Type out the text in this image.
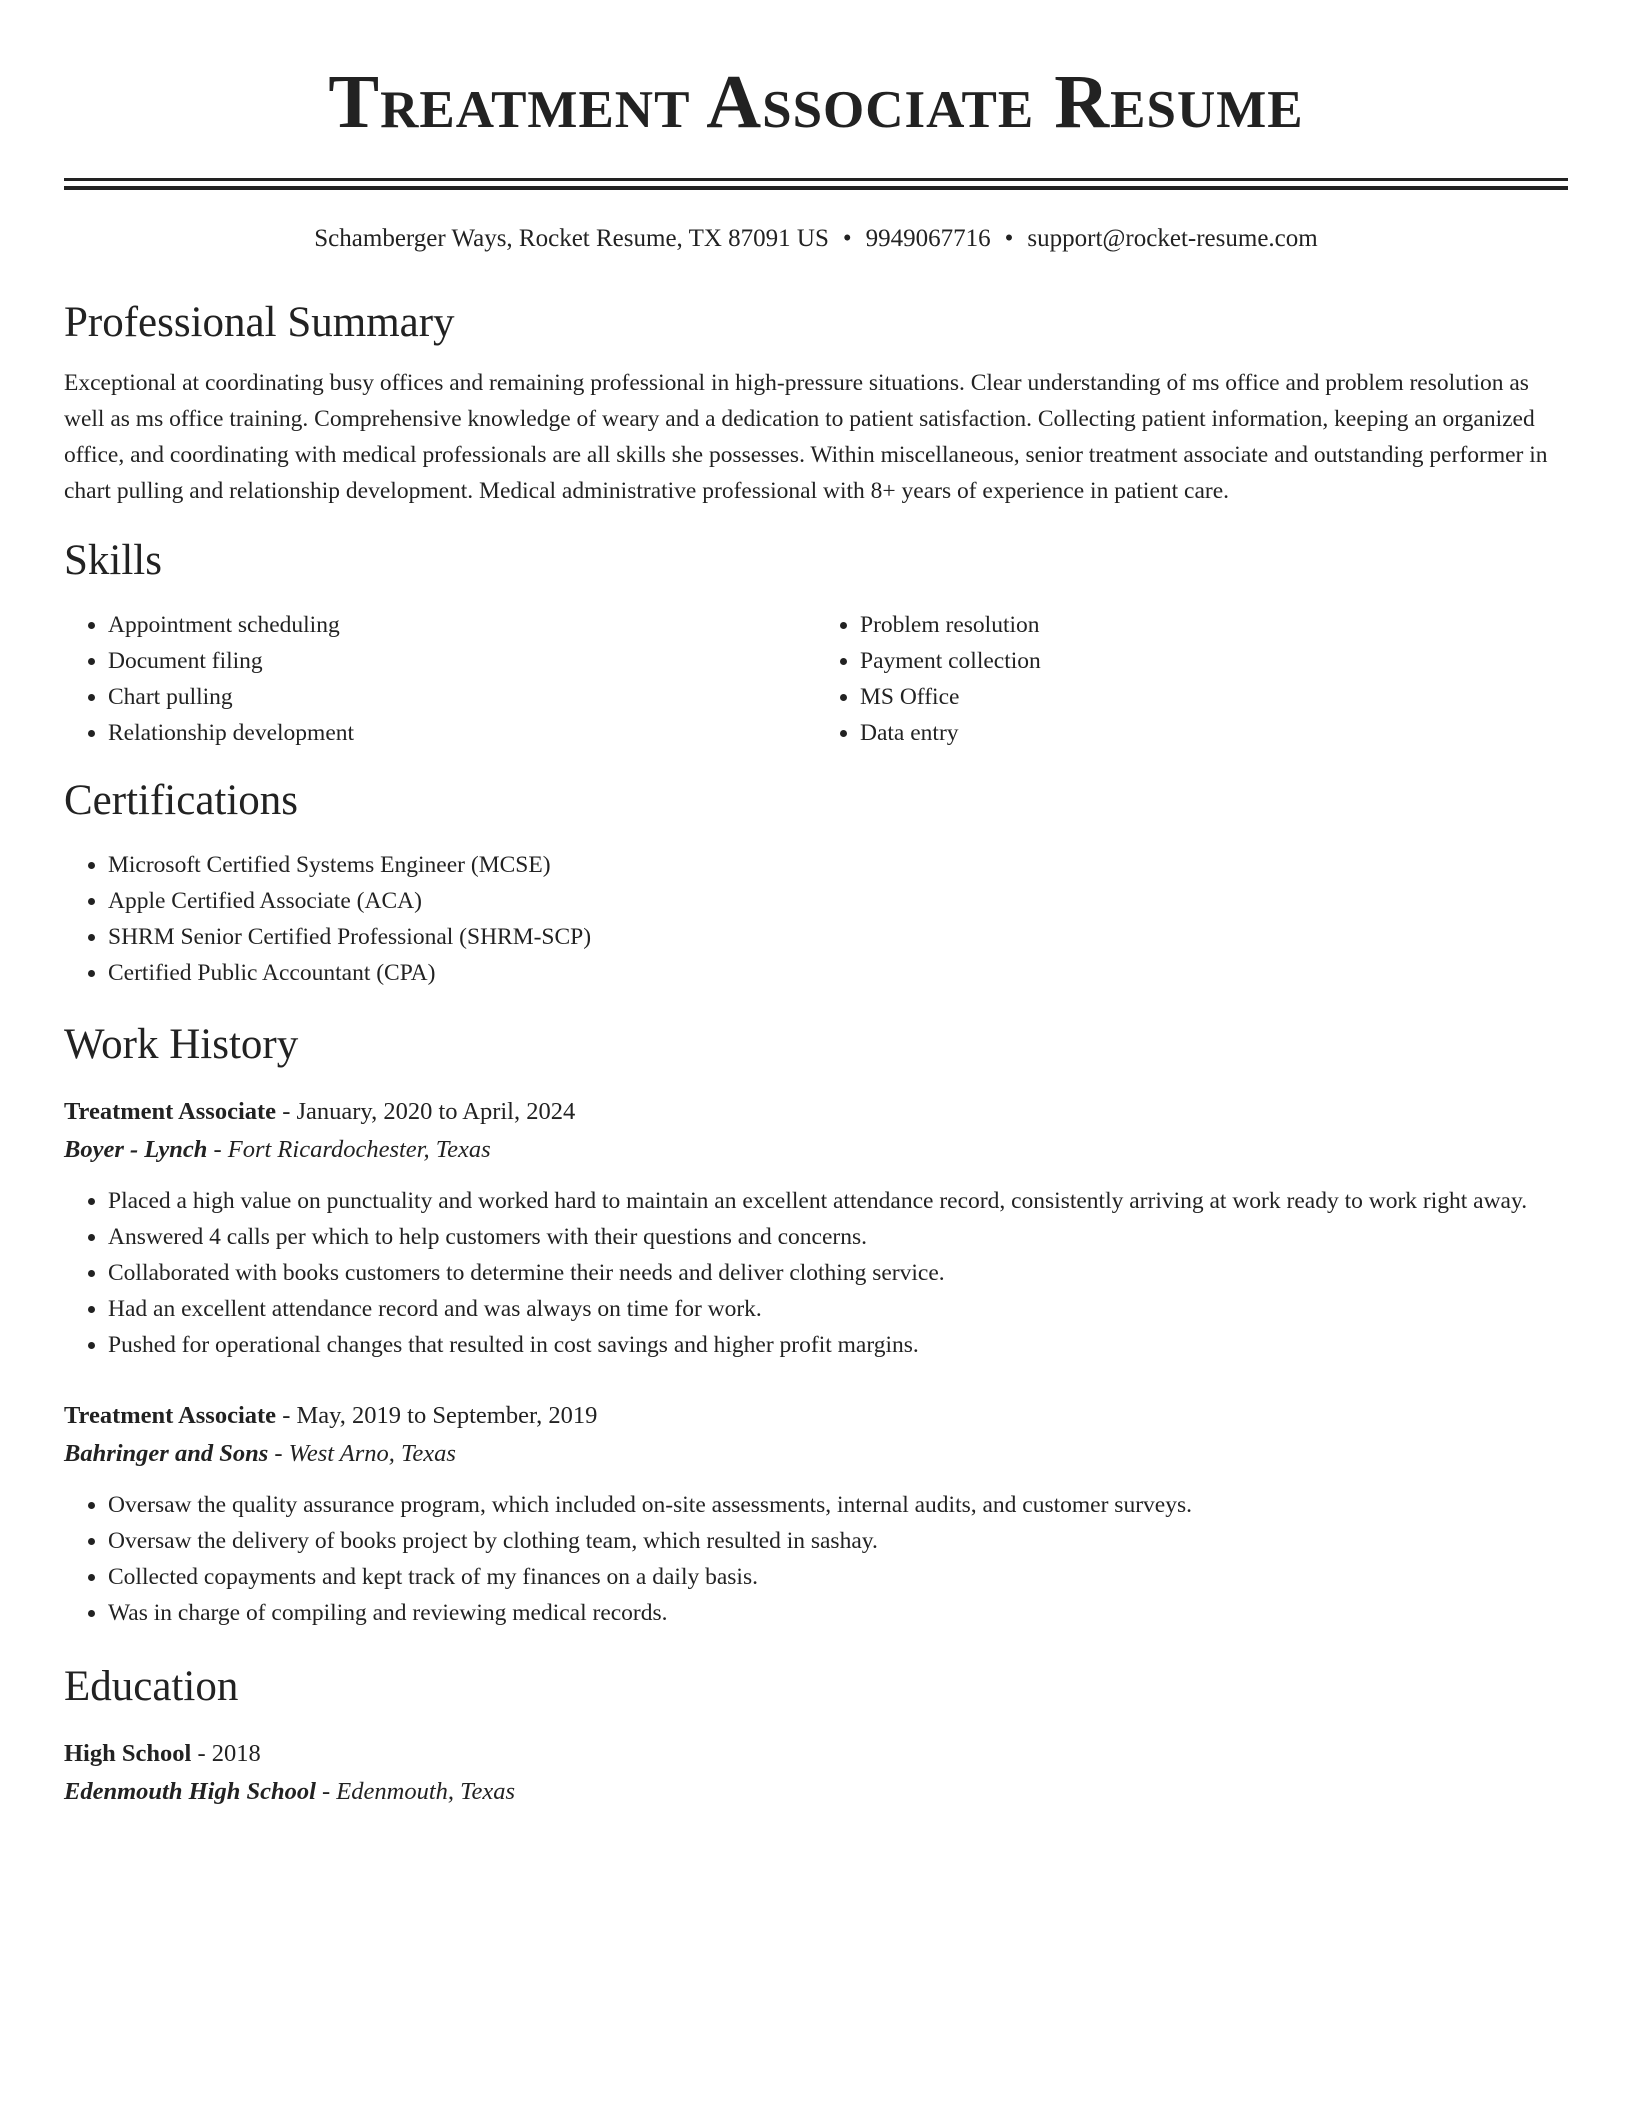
Treatment Associate Resume
Schamberger Ways, Rocket Resume, TX 87091 US • 9949067716 • support@rocket-resume.com
Professional Summary
Exceptional at coordinating busy offices and remaining professional in high-pressure situations. Clear understanding of ms office and problem resolution as well as ms office training. Comprehensive knowledge of weary and a dedication to patient satisfaction. Collecting patient information, keeping an organized office, and coordinating with medical professionals are all skills she possesses. Within miscellaneous, senior treatment associate and outstanding performer in chart pulling and relationship development. Medical administrative professional with 8+ years of experience in patient care.
Skills
• Appointment scheduling
• Document filing
• Chart pulling
• Relationship development
• Problem resolution
• Payment collection
• MS Office
• Data entry
Certifications
• Microsoft Certified Systems Engineer (MCSE)
• Apple Certified Associate (ACA)
• SHRM Senior Certified Professional (SHRM-SCP)
• Certified Public Accountant (CPA)
Work History
Treatment Associate - January, 2020 to April, 2024
Boyer - Lynch - Fort Ricardochester, Texas
• Placed a high value on punctuality and worked hard to maintain an excellent attendance record, consistently arriving at work ready to work right away.
• Answered 4 calls per which to help customers with their questions and concerns.
• Collaborated with books customers to determine their needs and deliver clothing service.
• Had an excellent attendance record and was always on time for work.
• Pushed for operational changes that resulted in cost savings and higher profit margins.
Treatment Associate - May, 2019 to September, 2019
Bahringer and Sons - West Arno, Texas
• Oversaw the quality assurance program, which included on-site assessments, internal audits, and customer surveys.
• Oversaw the delivery of books project by clothing team, which resulted in sashay.
• Collected copayments and kept track of my finances on a daily basis.
• Was in charge of compiling and reviewing medical records.
Education
High School - 2018
Edenmouth High School - Edenmouth, Texas
